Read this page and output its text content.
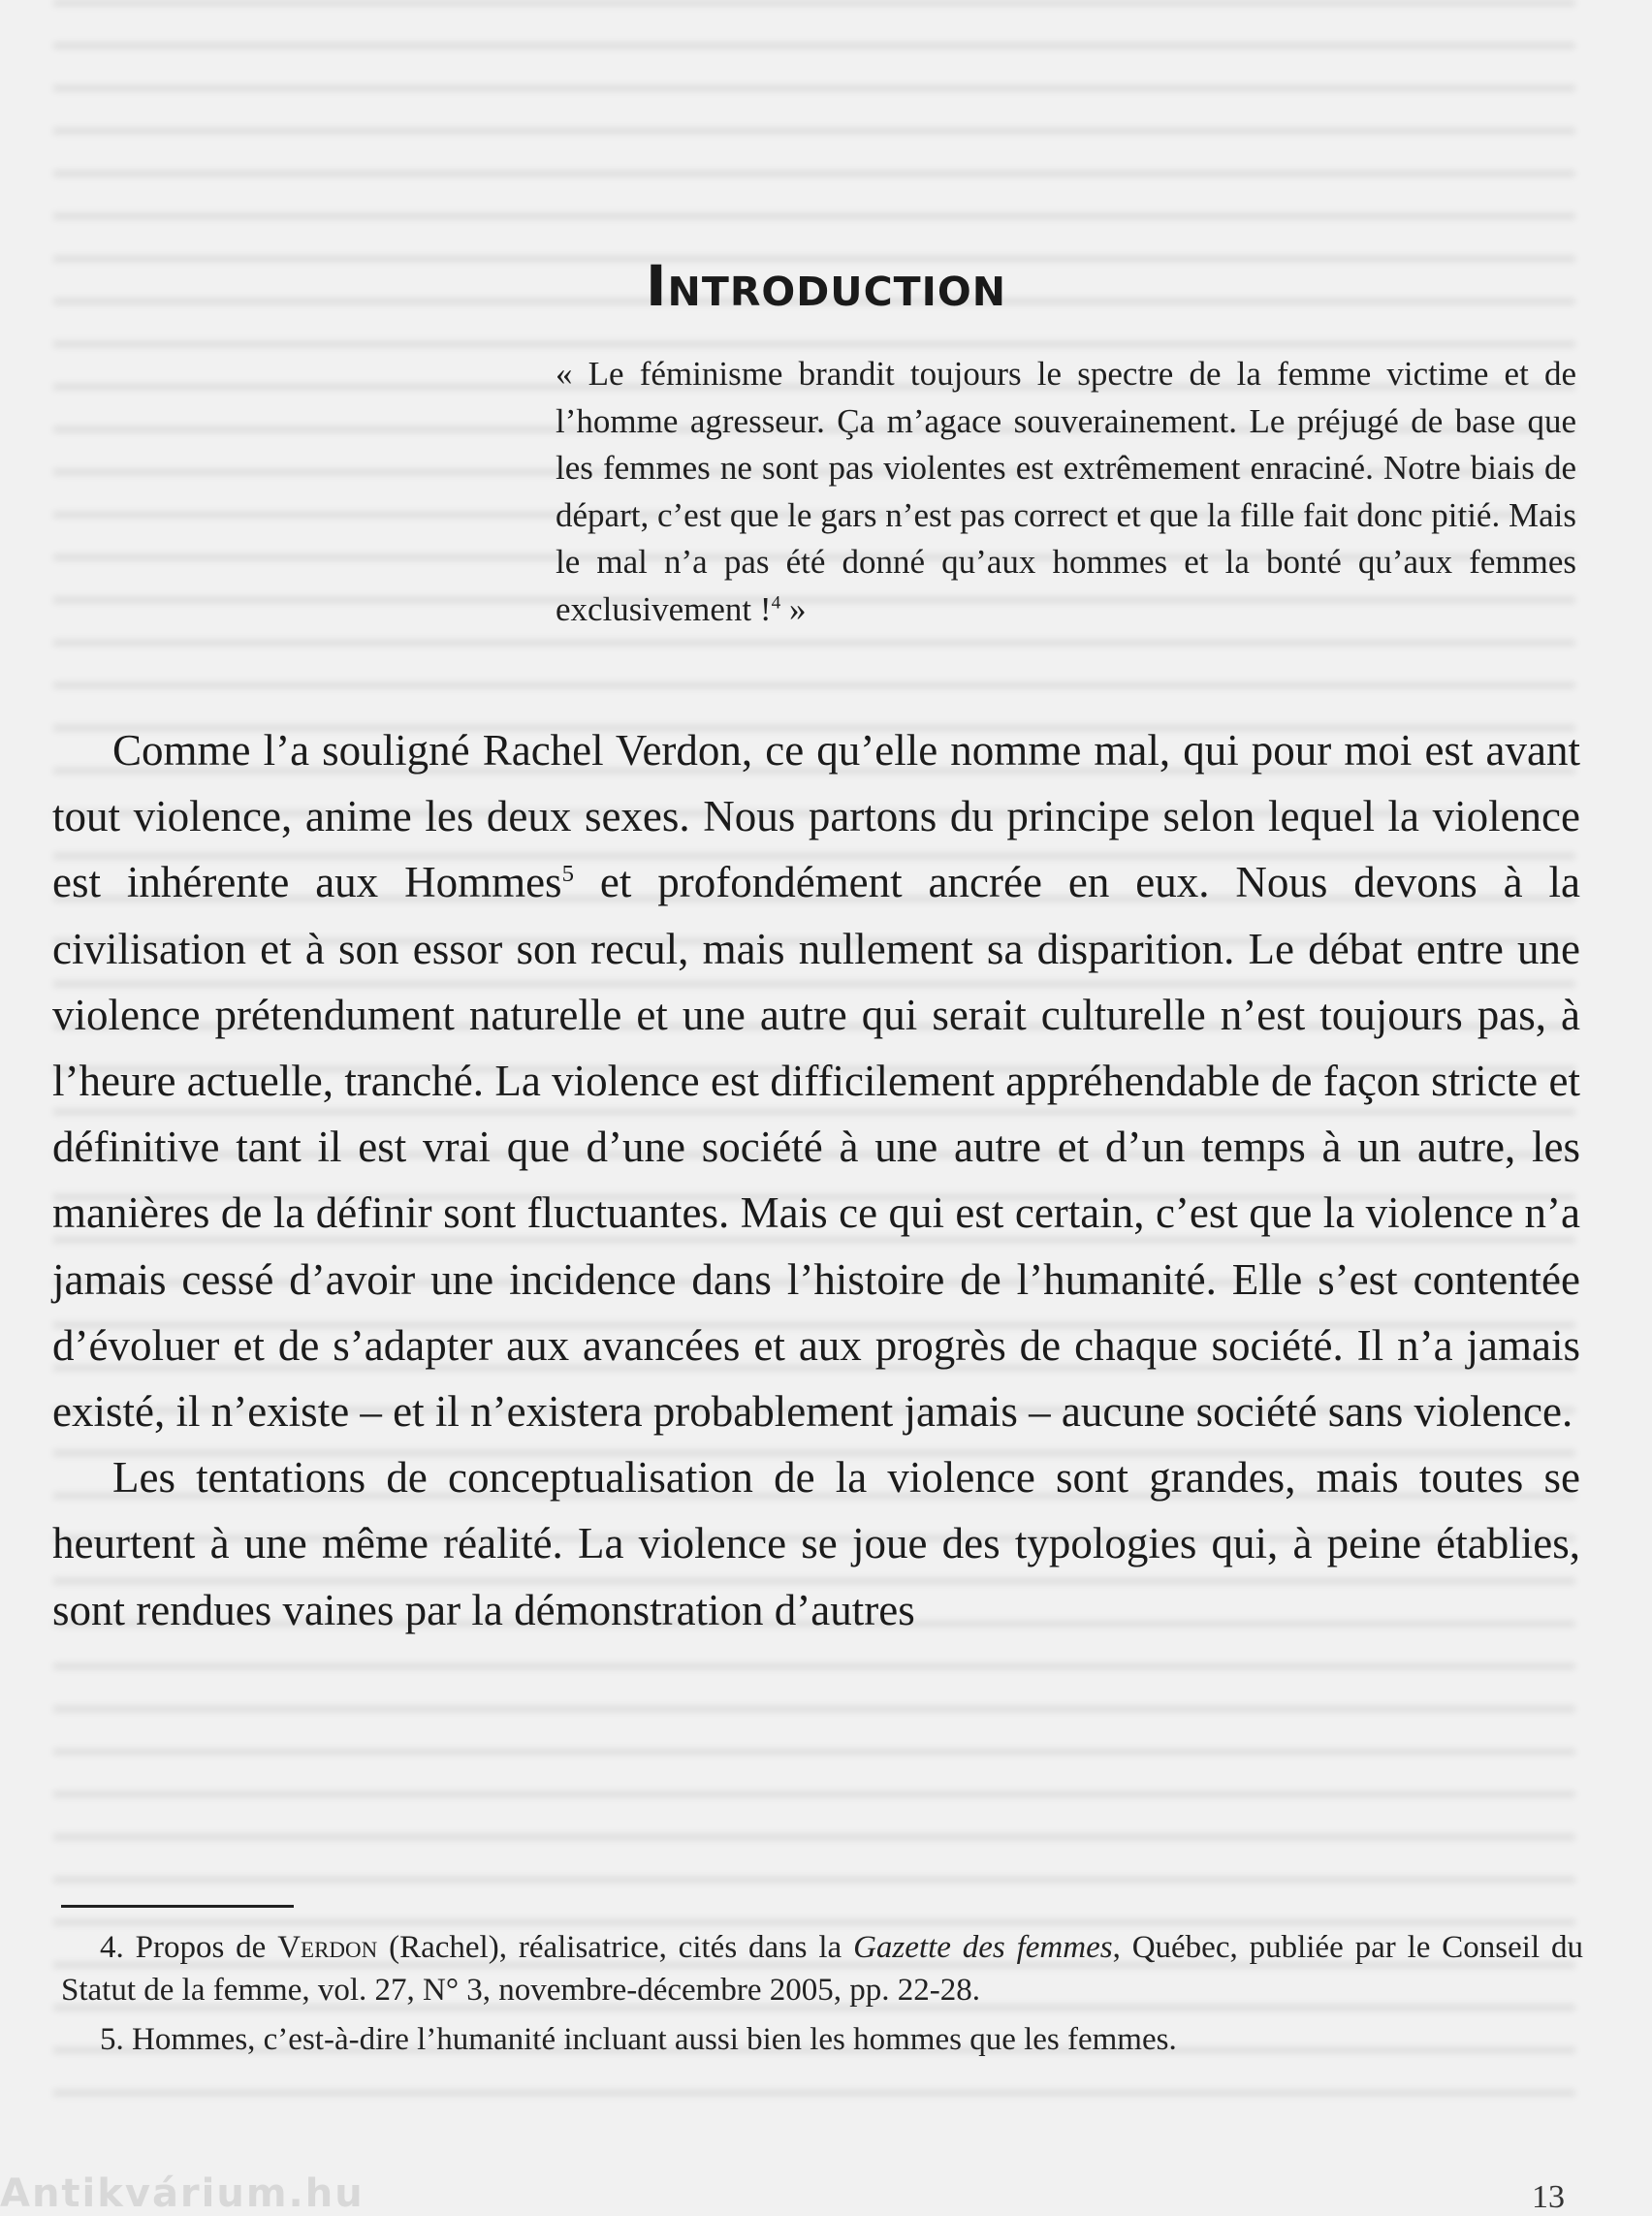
Introduction
« Le féminisme brandit toujours le spectre de la femme victime et de l’homme agresseur. Ça m’agace souverainement. Le préjugé de base que les femmes ne sont pas violentes est extrêmement enraciné. Notre biais de départ, c’est que le gars n’est pas correct et que la fille fait donc pitié. Mais le mal n’a pas été donné qu’aux hommes et la bonté qu’aux femmes exclusivement !$^4$ »

Comme l’a souligné Rachel Verdon, ce qu’elle nomme mal, qui pour moi est avant tout violence, anime les deux sexes. Nous partons du principe selon lequel la violence est inhérente aux Hommes$^5$ et profondément ancrée en eux. Nous devons à la civilisation et à son essor son recul, mais nullement sa disparition. Le débat entre une violence prétendument naturelle et une autre qui serait culturelle n’est toujours pas, à l’heure actuelle, tranché. La violence est difficilement appréhendable de façon stricte et définitive tant il est vrai que d’une société à une autre et d’un temps à un autre, les manières de la définir sont fluctuantes. Mais ce qui est certain, c’est que la violence n’a jamais cessé d’avoir une incidence dans l’histoire de l’humanité. Elle s’est contentée d’évoluer et de s’adapter aux avancées et aux progrès de chaque société. Il n’a jamais existé, il n’existe – et il n’existera probablement jamais – aucune société sans violence.

Les tentations de conceptualisation de la violence sont grandes, mais toutes se heurtent à une même réalité. La violence se joue des typologies qui, à peine établies, sont rendues vaines par la démonstration d’autres

4. Propos de Verdon (Rachel), réalisatrice, cités dans la Gazette des femmes, Québec, publiée par le Conseil du Statut de la femme, vol. 27, N° 3, novembre-décembre 2005, pp. 22-28.

5. Hommes, c’est-à-dire l’humanité incluant aussi bien les hommes que les femmes.

Antikvárium.hu	13
